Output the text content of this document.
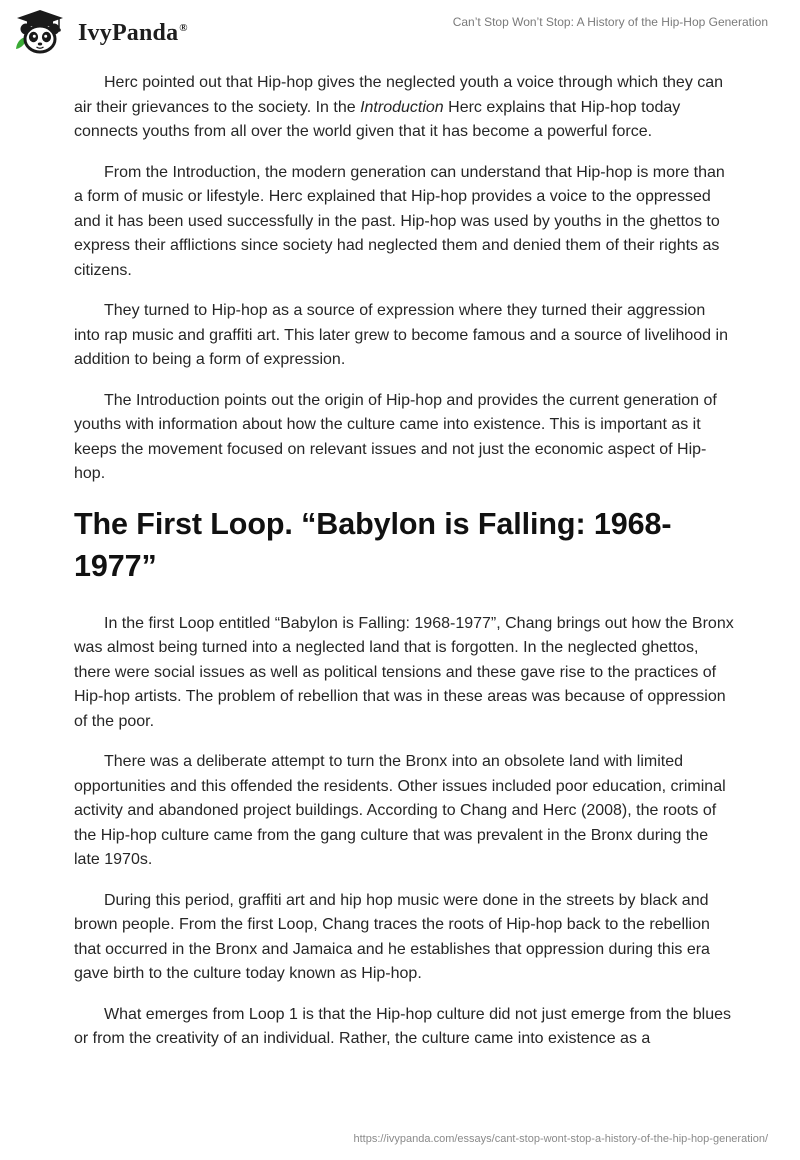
IvyPanda®	Can’t Stop Won’t Stop: A History of the Hip-Hop Generation

Herc pointed out that Hip-hop gives the neglected youth a voice through which they can air their grievances to the society. In the Introduction Herc explains that Hip-hop today connects youths from all over the world given that it has become a powerful force.

From the Introduction, the modern generation can understand that Hip-hop is more than a form of music or lifestyle. Herc explained that Hip-hop provides a voice to the oppressed and it has been used successfully in the past. Hip-hop was used by youths in the ghettos to express their afflictions since society had neglected them and denied them of their rights as citizens.

They turned to Hip-hop as a source of expression where they turned their aggression into rap music and graffiti art. This later grew to become famous and a source of livelihood in addition to being a form of expression.

The Introduction points out the origin of Hip-hop and provides the current generation of youths with information about how the culture came into existence. This is important as it keeps the movement focused on relevant issues and not just the economic aspect of Hip-hop.

The First Loop. “Babylon is Falling: 1968-1977”

In the first Loop entitled “Babylon is Falling: 1968-1977”, Chang brings out how the Bronx was almost being turned into a neglected land that is forgotten. In the neglected ghettos, there were social issues as well as political tensions and these gave rise to the practices of Hip-hop artists. The problem of rebellion that was in these areas was because of oppression of the poor.

There was a deliberate attempt to turn the Bronx into an obsolete land with limited opportunities and this offended the residents. Other issues included poor education, criminal activity and abandoned project buildings. According to Chang and Herc (2008), the roots of the Hip-hop culture came from the gang culture that was prevalent in the Bronx during the late 1970s.

During this period, graffiti art and hip hop music were done in the streets by black and brown people. From the first Loop, Chang traces the roots of Hip-hop back to the rebellion that occurred in the Bronx and Jamaica and he establishes that oppression during this era gave birth to the culture today known as Hip-hop.

What emerges from Loop 1 is that the Hip-hop culture did not just emerge from the blues or from the creativity of an individual. Rather, the culture came into existence as a

https://ivypanda.com/essays/cant-stop-wont-stop-a-history-of-the-hip-hop-generation/
